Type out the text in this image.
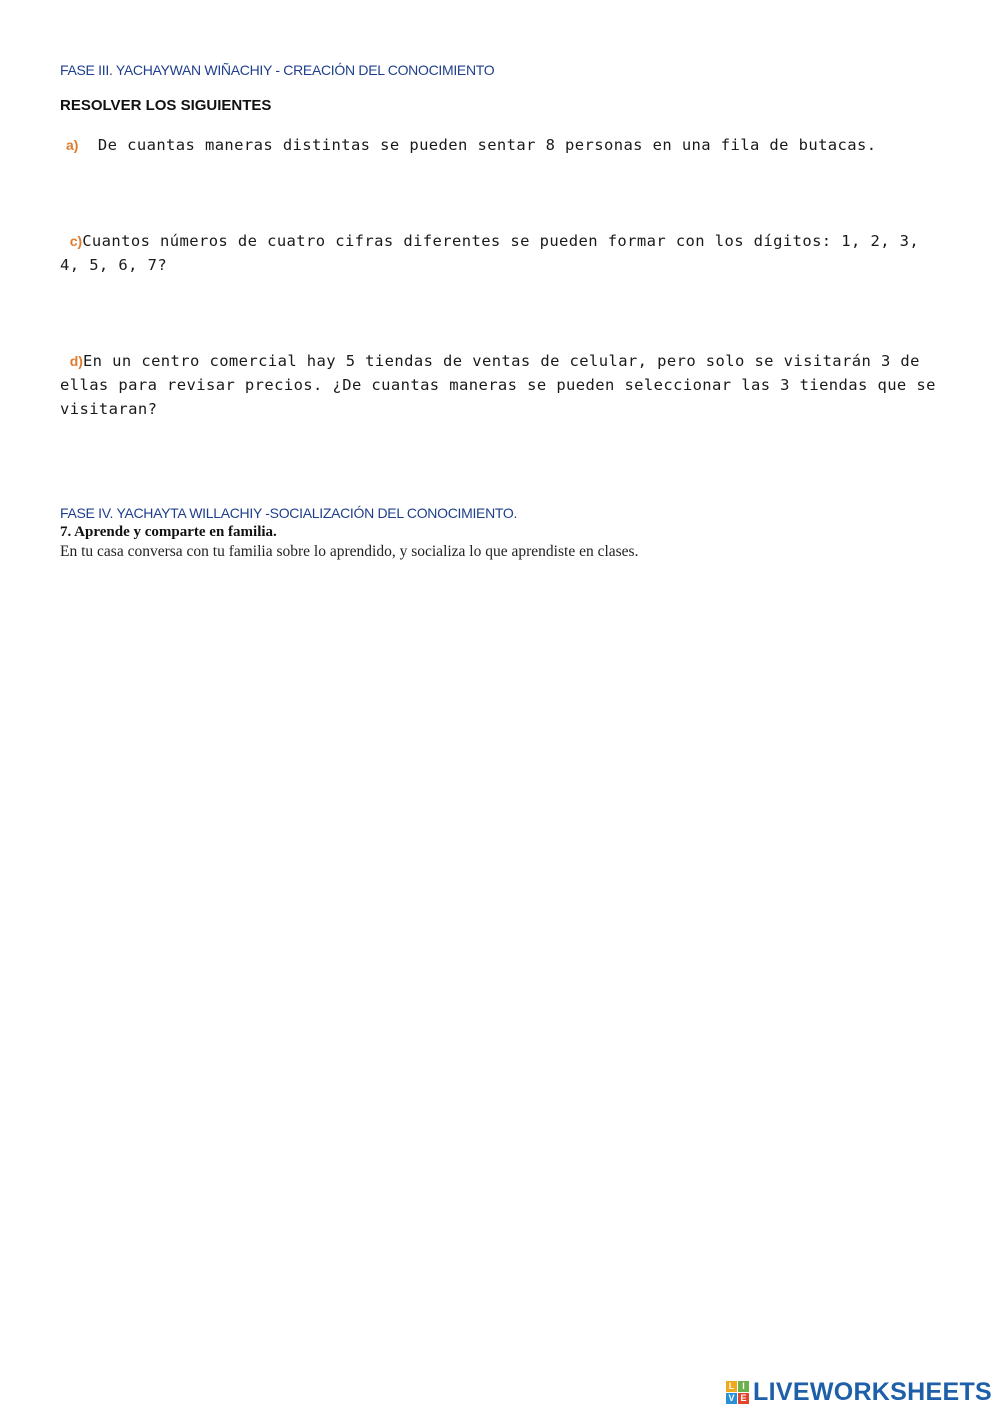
FASE III. YACHAYWAN WIÑACHIY - CREACIÓN DEL CONOCIMIENTO
RESOLVER LOS SIGUIENTES
a) De cuantas maneras distintas se pueden sentar 8 personas en una fila de butacas.
c)Cuantos números de cuatro cifras diferentes se pueden formar con los dígitos: 1, 2, 3, 4, 5, 6, 7?
d)En un centro comercial hay 5 tiendas de ventas de celular, pero solo se visitarán 3 de ellas para revisar precios. ¿De cuantas maneras se pueden seleccionar las 3 tiendas que se visitaran?
FASE IV. YACHAYTA WILLACHIY -SOCIALIZACIÓN DEL CONOCIMIENTO.
7. Aprende y comparte en familia.
En tu casa conversa con tu familia sobre lo aprendido, y socializa lo que aprendiste en clases.
L I
V E LIVEWORKSHEETS
